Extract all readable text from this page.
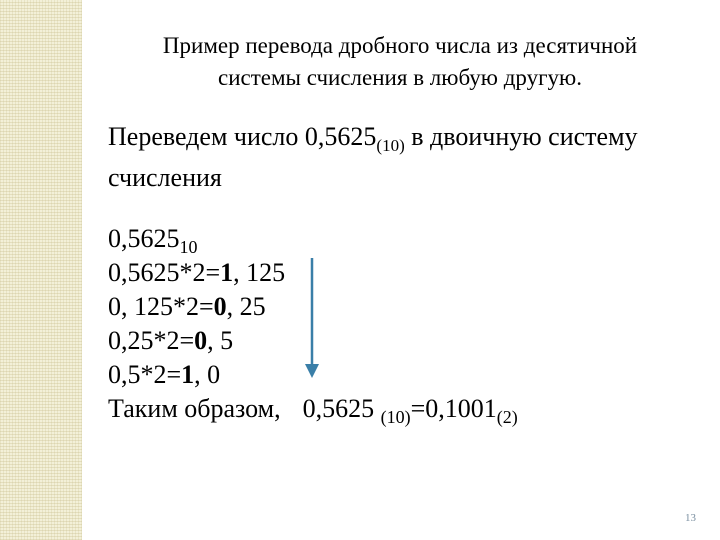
Пример перевода дробного числа из десятичной
системы счисления в любую другую.
Переведем число $0,5625_{(10)}$ в двоичную систему
счисления
$0,5625_{10}$
0,5625*2=1, 125
0, 125*2=0, 25
0,25*2=0, 5
0,5*2=1, 0
Таким образом, 0,5625 $_{(10)}=0,1001_{(2)}$
13
